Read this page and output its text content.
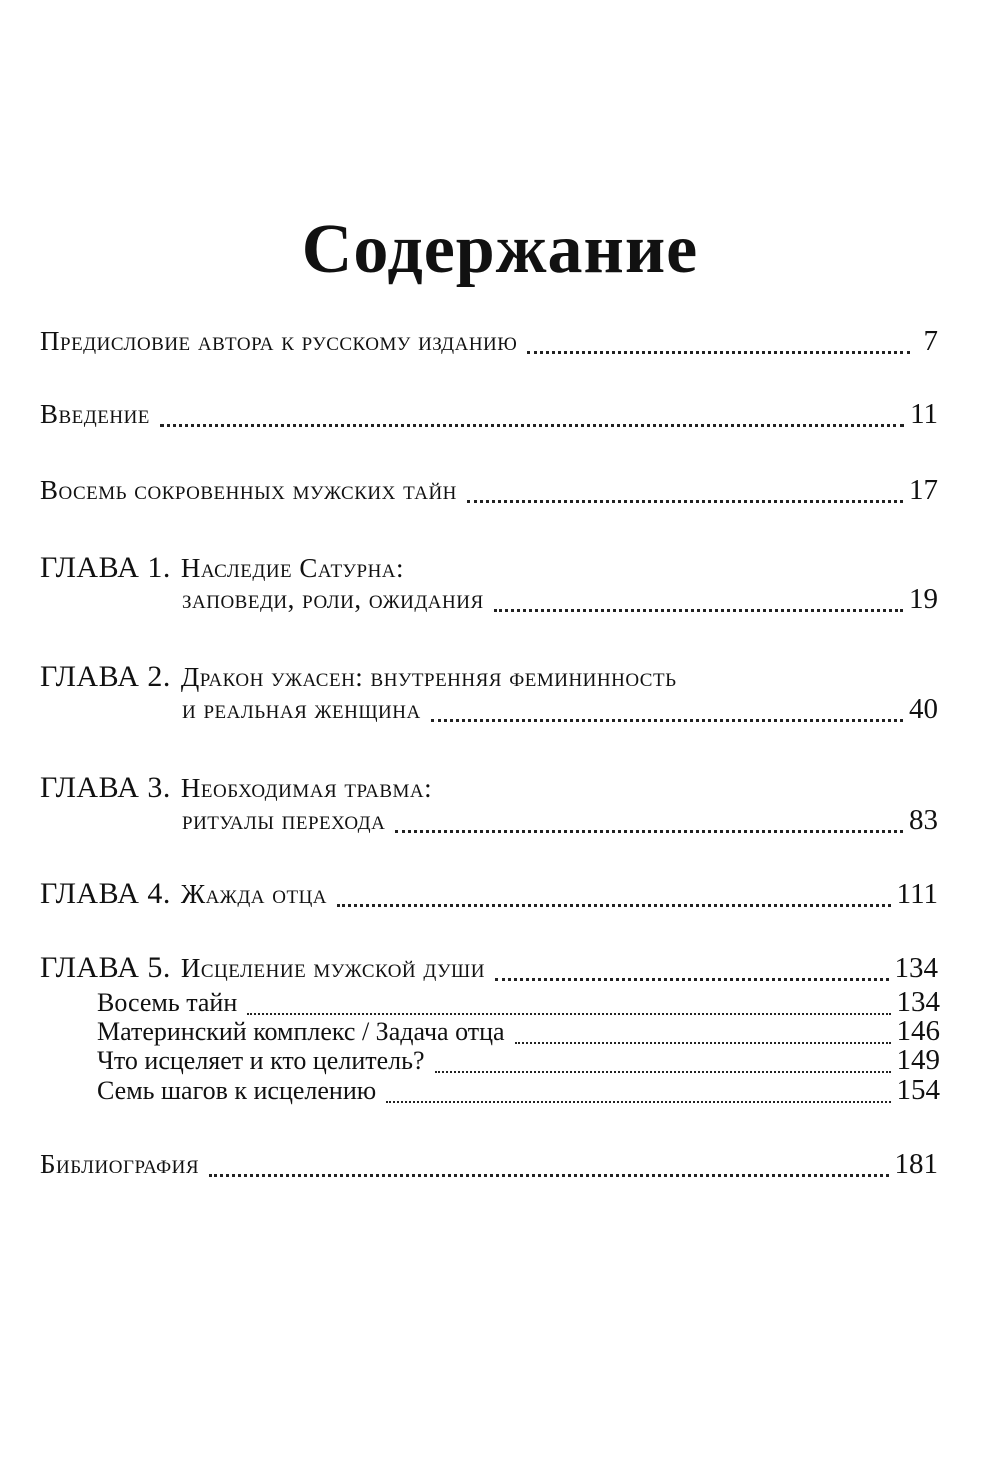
Содержание
Предисловие автора к русскому изданию	7
Введение	11
Восемь сокровенных мужских тайн	17
ГЛАВА 1. Наследие Сатурна:
заповеди, роли, ожидания	19
ГЛАВА 2. Дракон ужасен: внутренняя фемининность
и реальная женщина	40
ГЛАВА 3. Необходимая травма:
ритуалы перехода	83
ГЛАВА 4. Жажда отца	111
ГЛАВА 5. Исцеление мужской души	134
Восемь тайн	134
Материнский комплекс / Задача отца	146
Что исцеляет и кто целитель?	149
Семь шагов к исцелению	154
Библиография	181
